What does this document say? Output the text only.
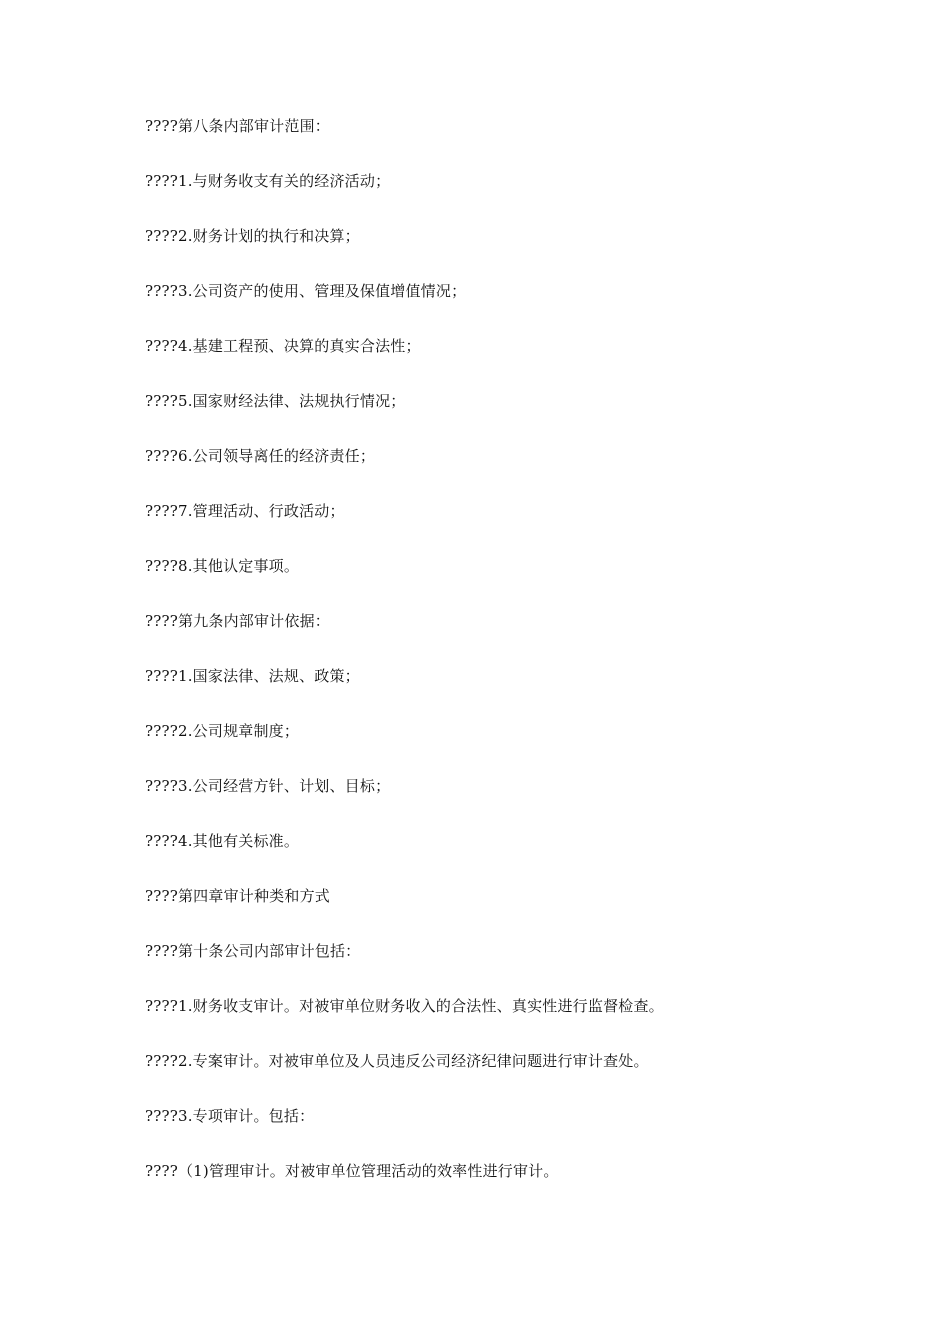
????第八条内部审计范围：
????1.与财务收支有关的经济活动；
????2.财务计划的执行和决算；
????3.公司资产的使用、管理及保值增值情况；
????4.基建工程预、决算的真实合法性；
????5.国家财经法律、法规执行情况；
????6.公司领导离任的经济责任；
????7.管理活动、行政活动；
????8.其他认定事项。
????第九条内部审计依据：
????1.国家法律、法规、政策；
????2.公司规章制度；
????3.公司经营方针、计划、目标；
????4.其他有关标准。
????第四章审计种类和方式
????第十条公司内部审计包括：
????1.财务收支审计。对被审单位财务收入的合法性、真实性进行监督检查。
????2.专案审计。对被审单位及人员违反公司经济纪律问题进行审计查处。
????3.专项审计。包括：
????（1)管理审计。对被审单位管理活动的效率性进行审计。
